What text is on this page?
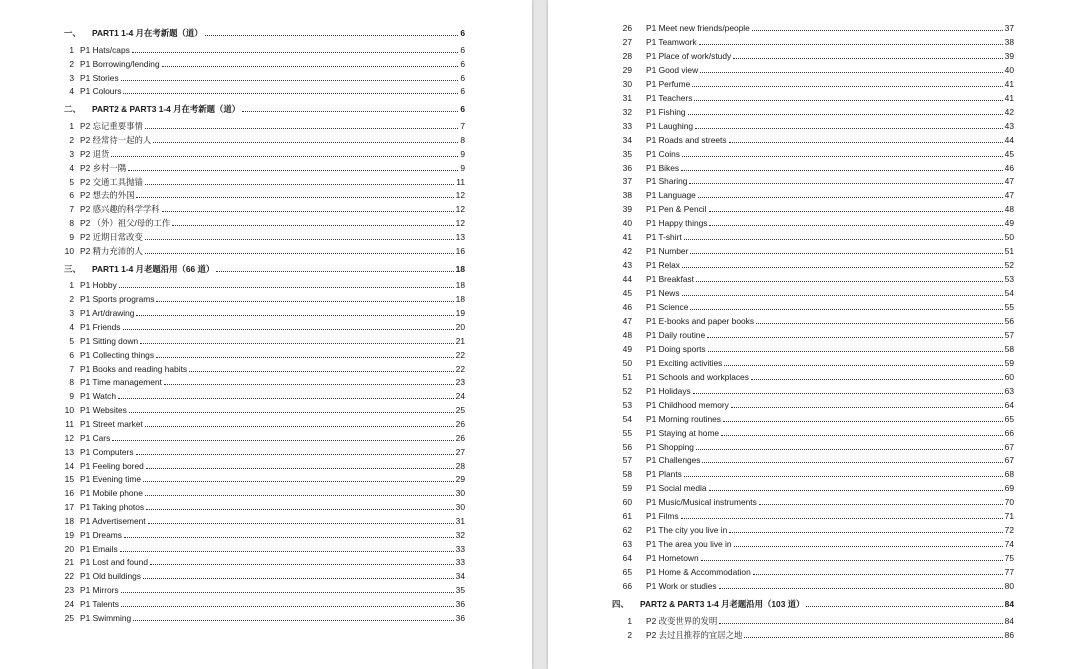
一、	PART1 1-4 月在考新题（道）	6
1 P1 Hats/caps	6
2 P1 Borrowing/lending	6
3 P1 Stories	6
4 P1 Colours	6
二、	PART2 & PART3 1-4 月在考新题（道）	6
1 P2 忘记重要事情	7
2 P2 经常待一起的人	8
3 P2 退货	9
4 P2 乡村一隅	9
5 P2 交通工具抛锚	11
6 P2 想去的外国	12
7 P2 感兴趣的科学学科	12
8 P2 （外）祖父/母的工作	12
9 P2 近期日常改变	13
10 P2 精力充沛的人	16
三、	PART1 1-4 月老题沿用（66 道）	18
1 P1 Hobby	18
2 P1 Sports programs	18
3 P1 Art/drawing	19
4 P1 Friends	20
5 P1 Sitting down	21
6 P1 Collecting things	22
7 P1 Books and reading habits	22
8 P1 Time management	23
9 P1 Watch	24
10 P1 Websites	25
11 P1 Street market	26
12 P1 Cars	26
13 P1 Computers	27
14 P1 Feeling bored	28
15 P1 Evening time	29
16 P1 Mobile phone	30
17 P1 Taking photos	30
18 P1 Advertisement	31
19 P1 Dreams	32
20 P1 Emails	33
21 P1 Lost and found	33
22 P1 Old buildings	34
23 P1 Mirrors	35
24 P1 Talents	36
25 P1 Swimming	36
26 P1 Meet new friends/people	37
27 P1 Teamwork	38
28 P1 Place of work/study	39
29 P1 Good view	40
30 P1 Perfume	41
31 P1 Teachers	41
32 P1 Fishing	42
33 P1 Laughing	43
34 P1 Roads and streets	44
35 P1 Coins	45
36 P1 Bikes	46
37 P1 Sharing	47
38 P1 Language	47
39 P1 Pen & Pencil	48
40 P1 Happy things	49
41 P1 T-shirt	50
42 P1 Number	51
43 P1 Relax	52
44 P1 Breakfast	53
45 P1 News	54
46 P1 Science	55
47 P1 E-books and paper books	56
48 P1 Daily routine	57
49 P1 Doing sports	58
50 P1 Exciting activities	59
51 P1 Schools and workplaces	60
52 P1 Holidays	63
53 P1 Childhood memory	64
54 P1 Morning routines	65
55 P1 Staying at home	66
56 P1 Shopping	67
57 P1 Challenges	67
58 P1 Plants	68
59 P1 Social media	69
60 P1 Music/Musical instruments	70
61 P1 Films	71
62 P1 The city you live in	72
63 P1 The area you live in	74
64 P1 Hometown	75
65 P1 Home & Accommodation	77
66 P1 Work or studies	80
四、	PART2 & PART3 1-4 月老题沿用（103 道）	84
1 P2 改变世界的发明	84
2 P2 去过且推荐的宜居之地	86
